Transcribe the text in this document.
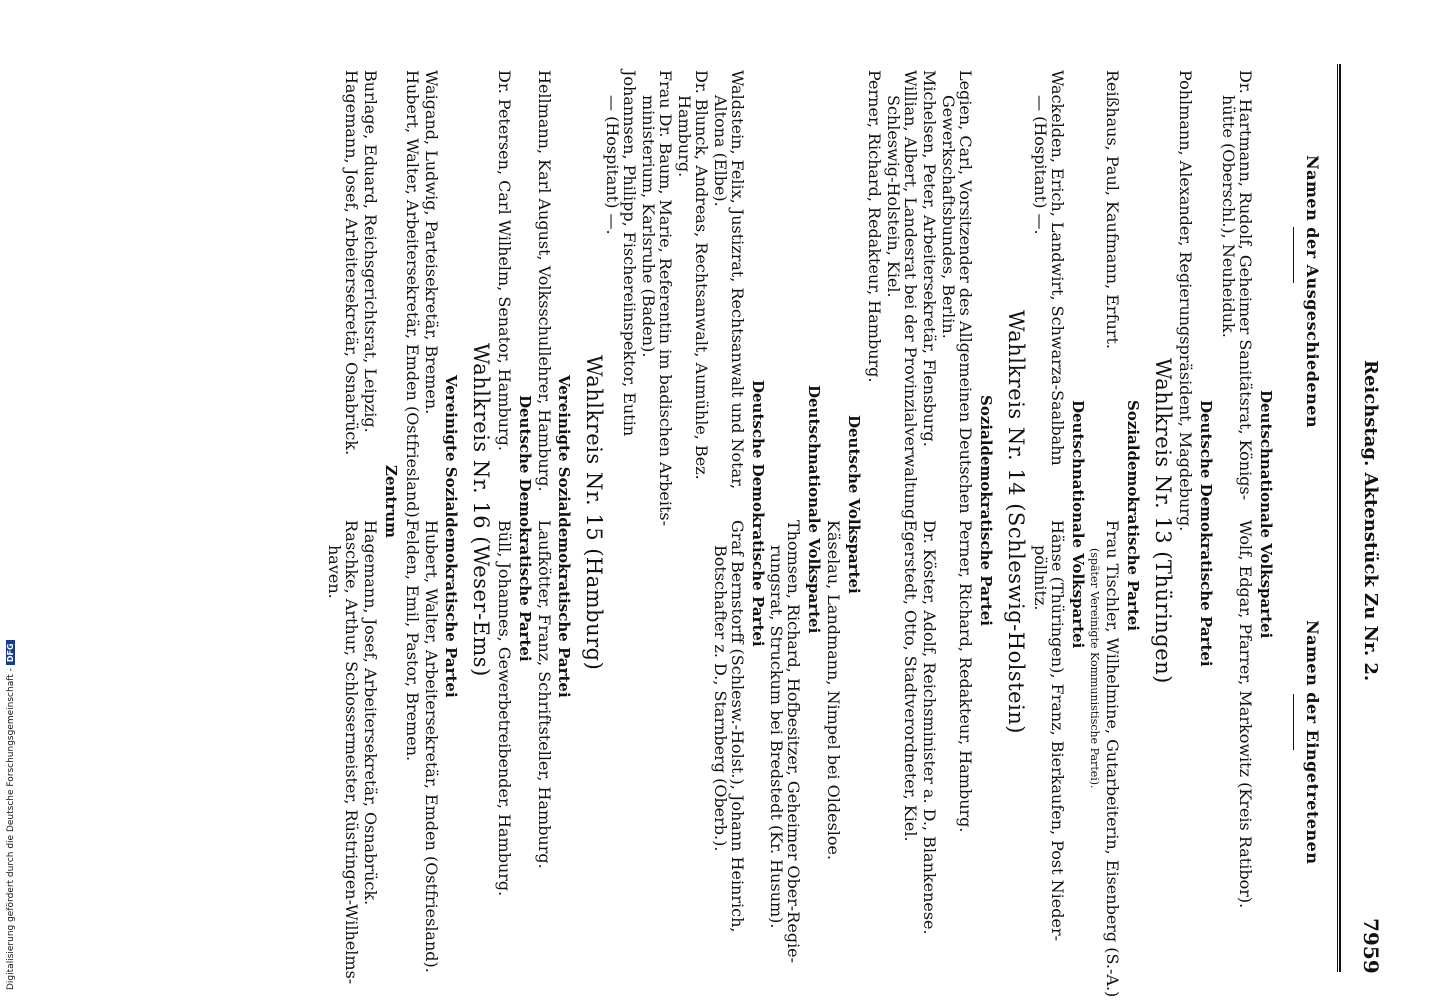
Reichstag. Aktenstück Zu Nr. 2.
7959
Namen der Ausgeschiedenen
Namen der Eingetretenen
Deutschnationale Volkspartei
Dr. Hartmann, Rudolf, Geheimer Sanitätsrat, Königs-
hütte (Oberschl.), Neuheiduk.
Wolf, Edgar, Pfarrer, Markowitz (Kreis Ratibor).
Deutsche Demokratische Partei
Pohlmann, Alexander, Regierungspräsident, Magdeburg.
Wahlkreis Nr. 13 (Thüringen)
Sozialdemokratische Partei
Reißhaus, Paul, Kaufmann, Erfurt.
Frau Tischler, Wilhelmine, Gutarbeiterin, Eisenberg (S.-A.)
(später Vereinigte Kommunistische Partei).
Deutschnationale Volkspartei
Wackelden, Erich, Landwirt, Schwarza-Saalbahn
— (Hospitant) —.
Hänse (Thüringen), Franz, Bierkaufen, Post Nieder-
pöllnitz.
Wahlkreis Nr. 14 (Schleswig-Holstein)
Sozialdemokratische Partei
Legien, Carl, Vorsitzender des Allgemeinen Deutschen
Gewerkschaftsbundes, Berlin.
Perner, Richard, Redakteur, Hamburg.
Michelsen, Peter, Arbeitersekretär, Flensburg.
Dr. Köster, Adolf, Reichsminister a. D., Blankenese.
Willian, Albert, Landesrat bei der Provinzialverwaltung
Schleswig-Holstein, Kiel.
Egerstedt, Otto, Stadtverordneter, Kiel.
Perner, Richard, Redakteur, Hamburg.
Deutsche Volkspartei
Käselau, Landmann, Nimpel bei Oldesloe.
Deutschnationale Volkspartei
Thomsen, Richard, Hofbesitzer, Geheimer Ober-Regie-
rungsrat, Struckum bei Bredstedt (Kr. Husum).
Deutsche Demokratische Partei
Waldstein, Felix, Justizrat, Rechtsanwalt und Notar,
Altona (Elbe).
Graf Bernstorff (Schlesw.-Holst.), Johann Heinrich,
Botschafter z. D., Starnberg (Oberb.).
Dr. Blunck, Andreas, Rechtsanwalt, Aumühle, Bez.
Hamburg.
Frau Dr. Baum, Marie, Referentin im badischen Arbeits-
ministerium, Karlsruhe (Baden).
Johannsen, Philipp, Fischereiinspektor, Eutin
— (Hospitant) —.
Wahlkreis Nr. 15 (Hamburg)
Vereinigte Sozialdemokratische Partei
Hellmann, Karl August, Volksschullehrer, Hamburg.
Laufkötter, Franz, Schriftsteller, Hamburg.
Deutsche Demokratische Partei
Dr. Petersen, Carl Wilhelm, Senator, Hamburg.
Büll, Johannes, Gewerbetreibender, Hamburg.
Wahlkreis Nr. 16 (Weser-Ems)
Vereinigte Sozialdemokratische Partei
Waigand, Ludwig, Parteisekretär, Bremen.
Hubert, Walter, Arbeitersekretär, Emden (Ostfriesland).
Hubert, Walter, Arbeitersekretär, Emden (Ostfriesland).
Felden, Emil, Pastor, Bremen.
Zentrum
Burlage, Eduard, Reichsgerichtsrat, Leipzig.
Hagemann, Josef, Arbeitersekretär, Osnabrück.
Hagemann, Josef, Arbeitersekretär, Osnabrück.
Raschke, Arthur, Schlossermeister, Rüstringen-Wilhelms-
haven.
Digitalisierung gefördert durch die Deutsche Forschungsgemeinschaft -DFG
